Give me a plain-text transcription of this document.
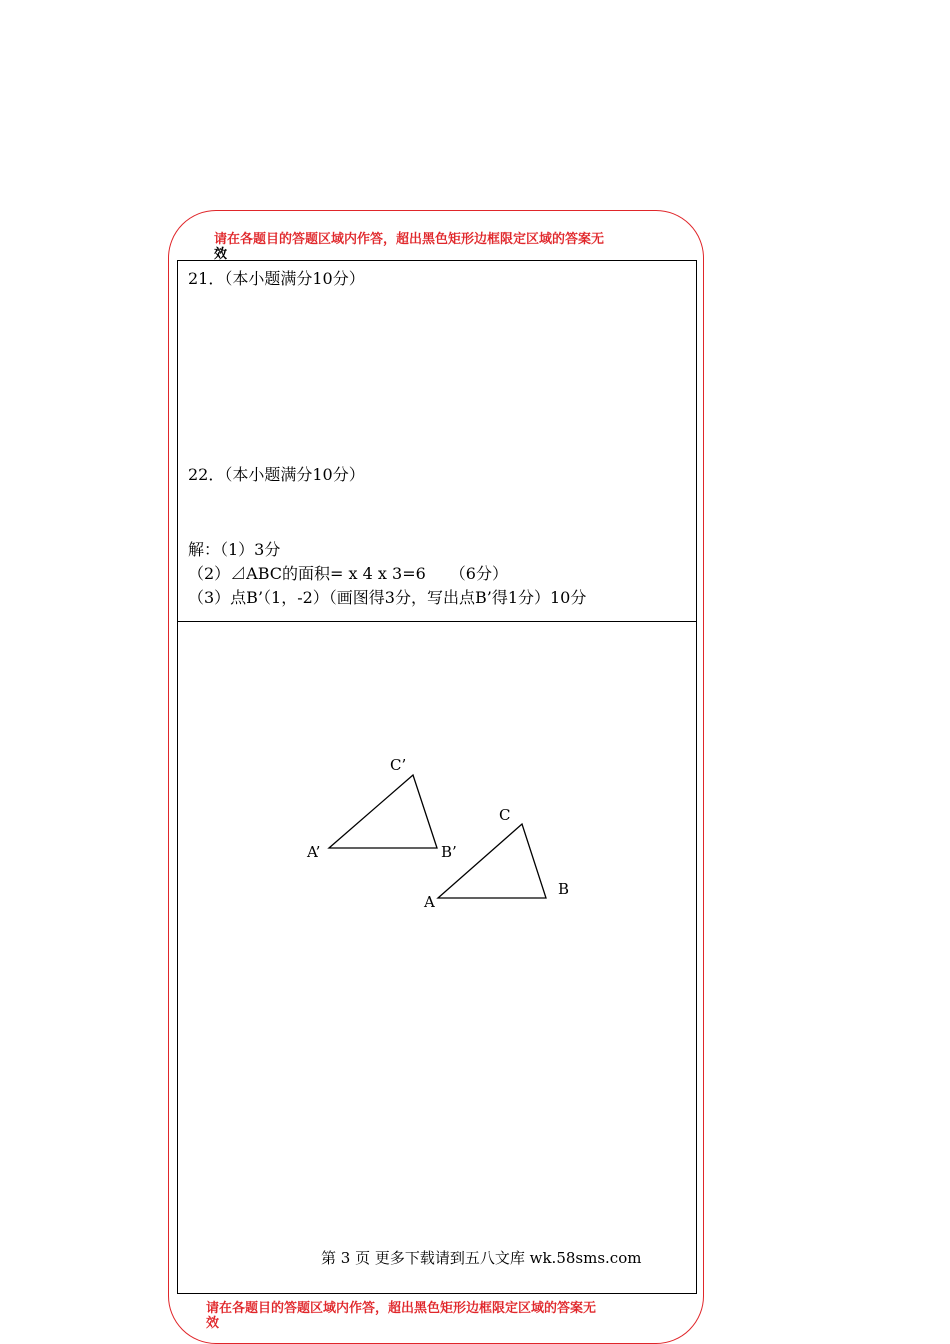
请在各题目的答题区域内作答，超出黑色矩形边框限定区域的答案无
效
21．（本小题满分10分）
22．（本小题满分10分）
解：（1）3分
（2）⊿ABC的面积= x 4 x 3=6　　（6分）
（3）点B’（1，-2）（画图得3分，写出点B’得1分）10分
A’	B’
C’
A
B
C
第 3 页 更多下载请到五八文库 wk.58sms.com
请在各题目的答题区域内作答，超出黑色矩形边框限定区域的答案无
效
